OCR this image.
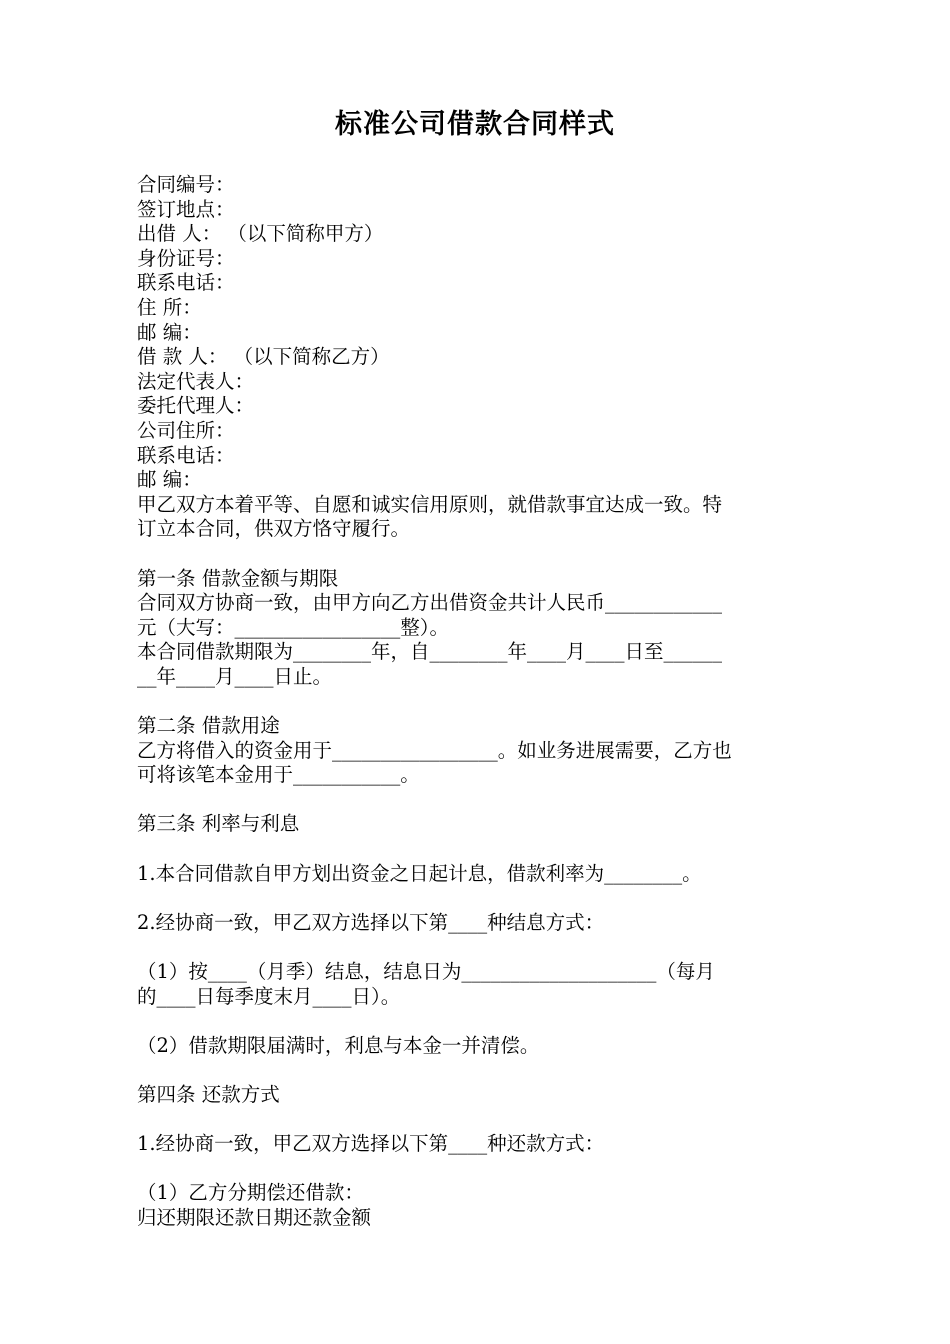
标准公司借款合同样式
合同编号：
签订地点：
出借 人： （以下简称甲方）
身份证号：
联系电话：
住 所：
邮 编：
借 款 人： （以下简称乙方）
法定代表人：
委托代理人：
公司住所：
联系电话：
邮 编：
甲乙双方本着平等、自愿和诚实信用原则，就借款事宜达成一致。特
订立本合同，供双方恪守履行。
第一条 借款金额与期限
合同双方协商一致，由甲方向乙方出借资金共计人民币____________
元（大写：_________________整）。
本合同借款期限为________年，自________年____月____日至______
__年____月____日止。
第二条 借款用途
乙方将借入的资金用于_________________。如业务进展需要，乙方也
可将该笔本金用于___________。
第三条 利率与利息
1.本合同借款自甲方划出资金之日起计息，借款利率为________。
2.经协商一致，甲乙双方选择以下第____种结息方式：
（1）按____（月季）结息，结息日为____________________（每月
的____日每季度末月____日）。
（2）借款期限届满时，利息与本金一并清偿。
第四条 还款方式
1.经协商一致，甲乙双方选择以下第____种还款方式：
（1）乙方分期偿还借款：
归还期限还款日期还款金额
